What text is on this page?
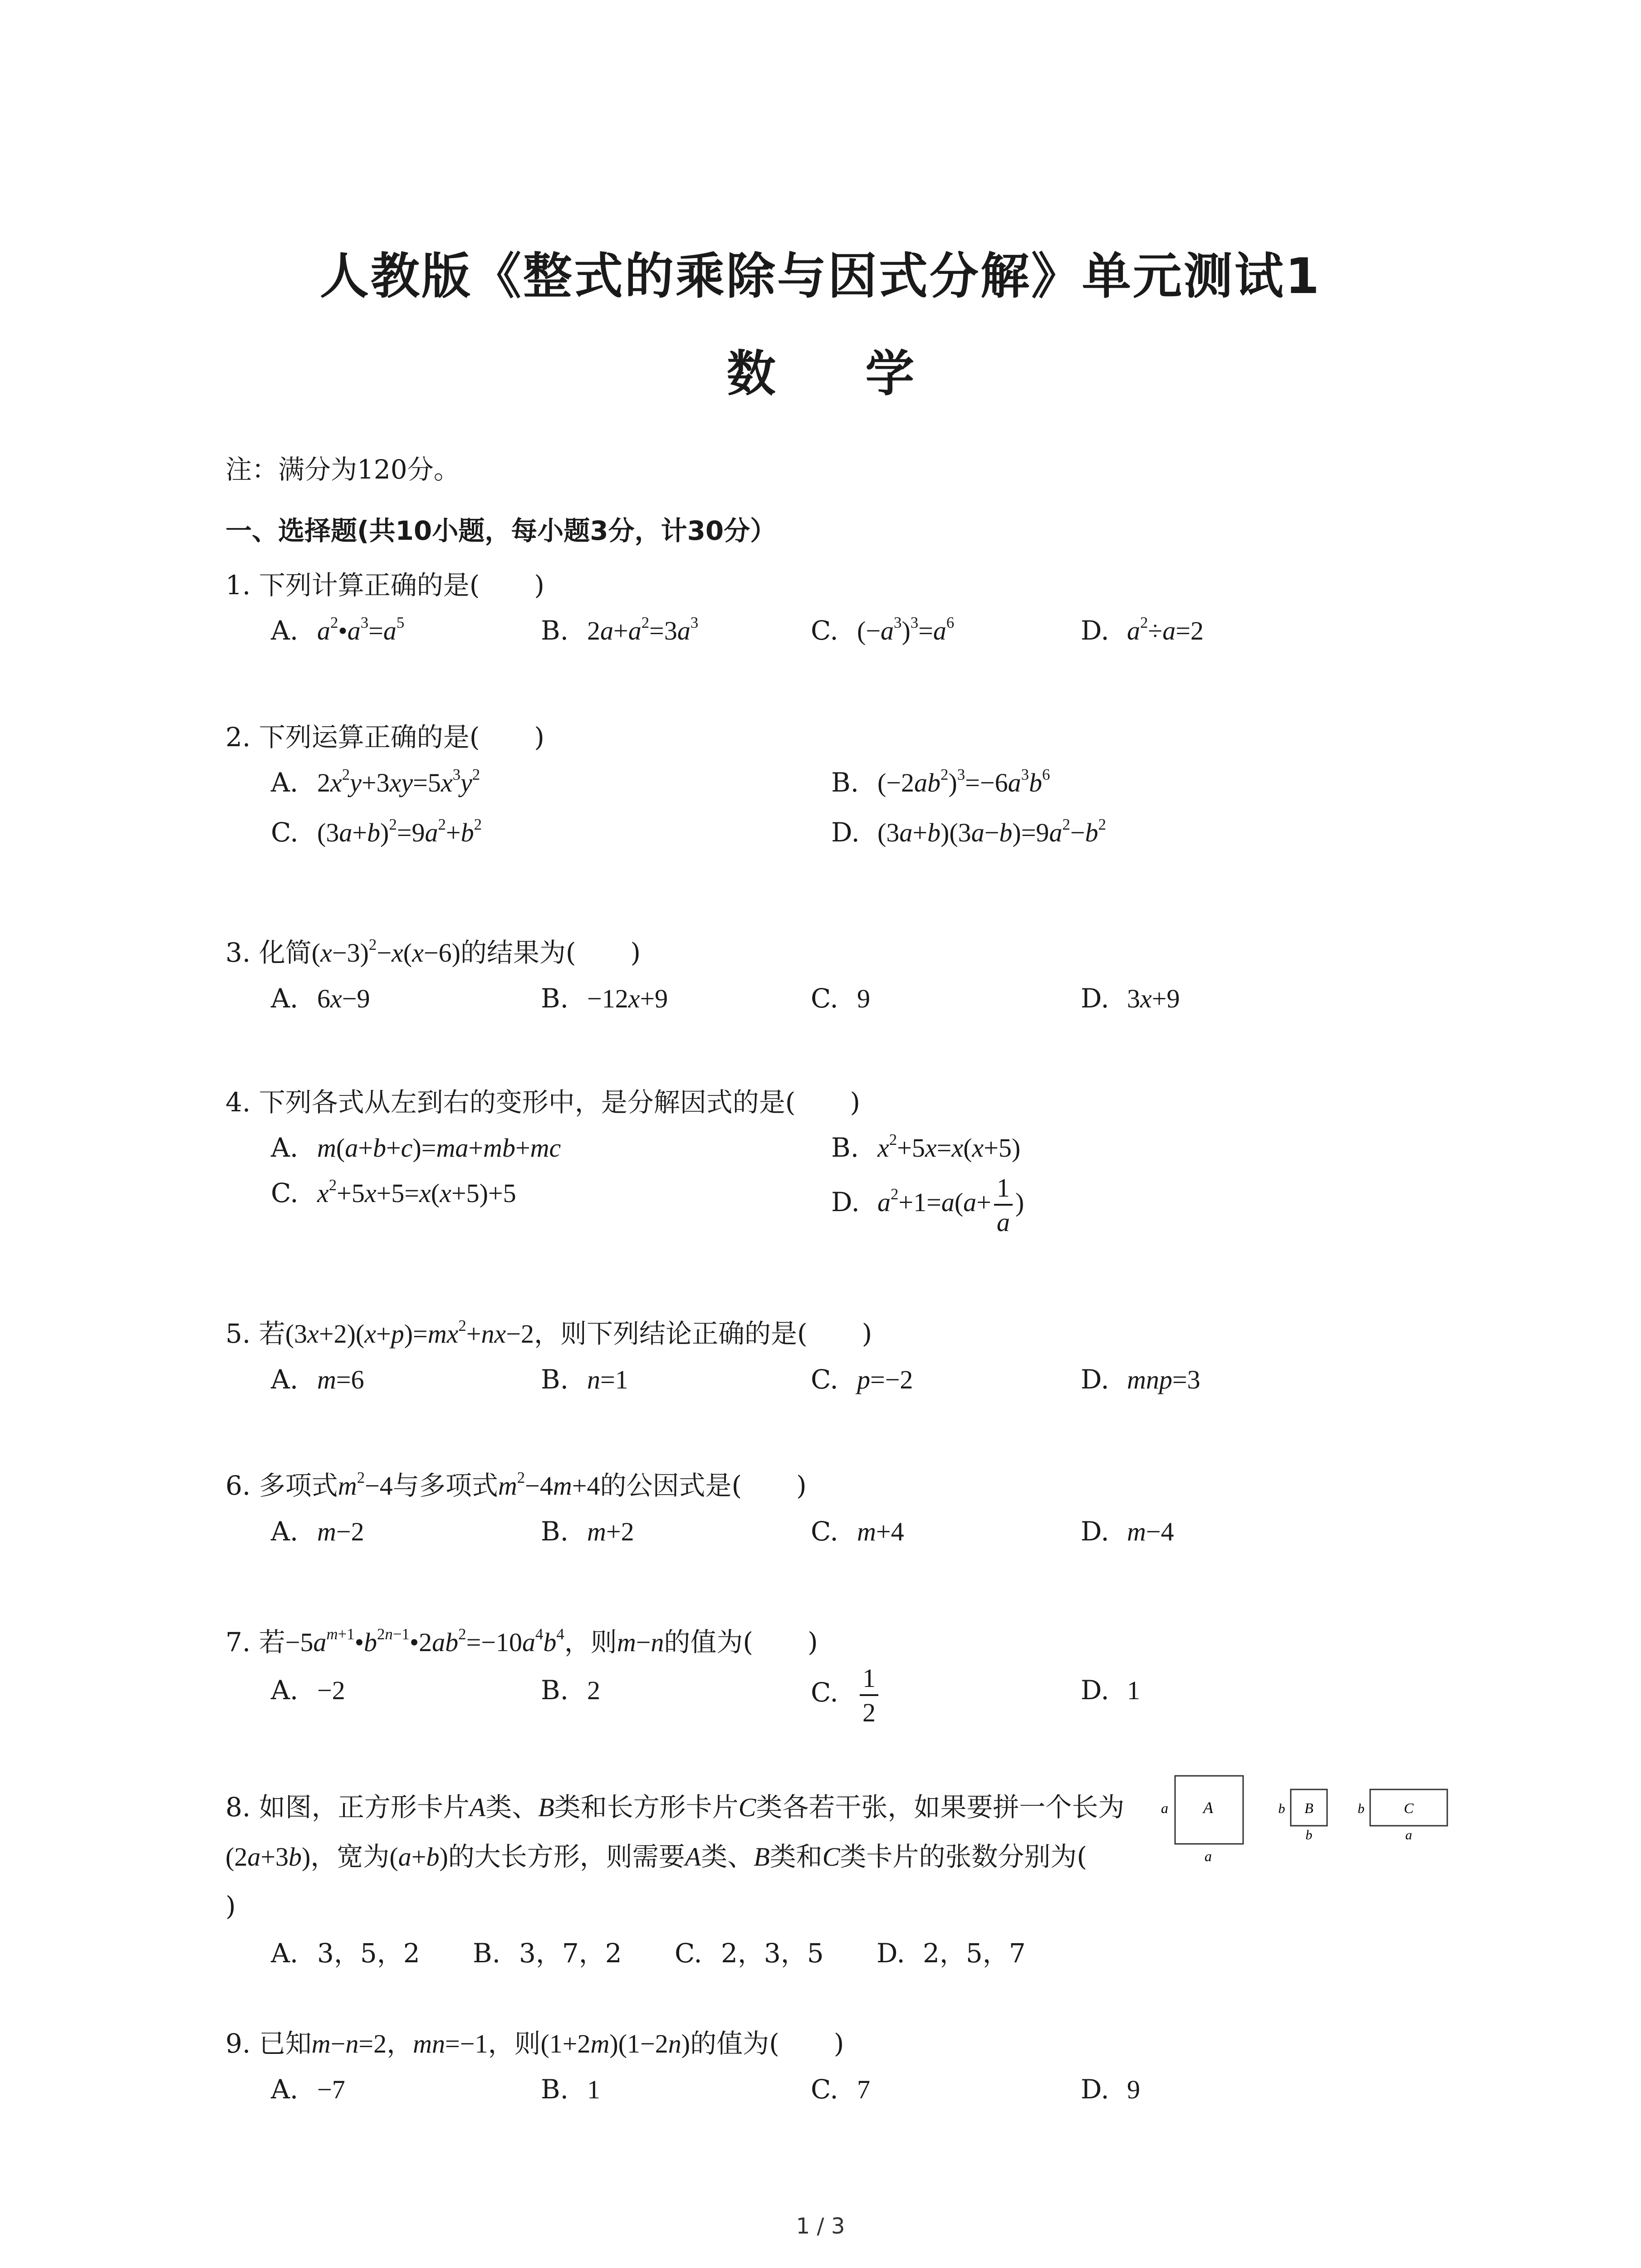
人教版《整式的乘除与因式分解》单元测试1
数 学
注：满分为120分。
一、选择题(共10小题，每小题3分，计30分）
1. 下列计算正确的是( )
A. $a^2•a^3=a^5$	B. $2a+a^2=3a^3$	C. $(-a^3)^3=a^6$	D. $a^2\div a=2$
2. 下列运算正确的是( )
A. $2x^2y+3xy=5x^3y^2$	B. $(-2ab^2)^3=-6a^3b^6$
C. $(3a+b)^2=9a^2+b^2$	D. $(3a+b)(3a-b)=9a^2-b^2$
3. 化简$(x-3)^2-x(x-6)$的结果为( )
A. 6x−9	B. −12x+9	C. 9	D. 3x+9
4. 下列各式从左到右的变形中，是分解因式的是( )
A. m(a+b+c)=ma+mb+mc	B. $x^2+5x=x(x+5)$
C. $x^2+5x+5=x(x+5)+5$	D. $a^2+1=a(a+ \frac{1}{a}$ )
5. 若$(3x+2)(x+p)=mx^2+nx-2$，则下列结论正确的是( )
A. m=6	B. n=1	C. p=−2	D. mnp=3
6. 多项式$m^2-4$与多项式$m^2-4m+4$的公因式是( )
A. m−2	B. m+2	C. m+4	D. m−4
7. 若$-5a^{m+1}•b^{2n-1}•2ab^2=-10a^4b^4$，则m−n的值为( )
A. −2	B. 2	C. $\frac{1}{2}$	D. 1
8. 如图，正方形卡片A类、B类和长方形卡片C类各若干张，如果要拼一个长为(2a+3b)，宽为(a+b)的大长方形，则需要A类、B类和C类卡片的张数分别为()
A. 3，5，2 B. 3，7，2 C. 2，3，5 D. 2，5，7
A
a
a
B
b
b
C
b
a
9. 已知m−n=2，mn=−1，则(1+2m)(1−2n)的值为( )
A. −7	B. 1	C. 7	D. 9
1 / 3
